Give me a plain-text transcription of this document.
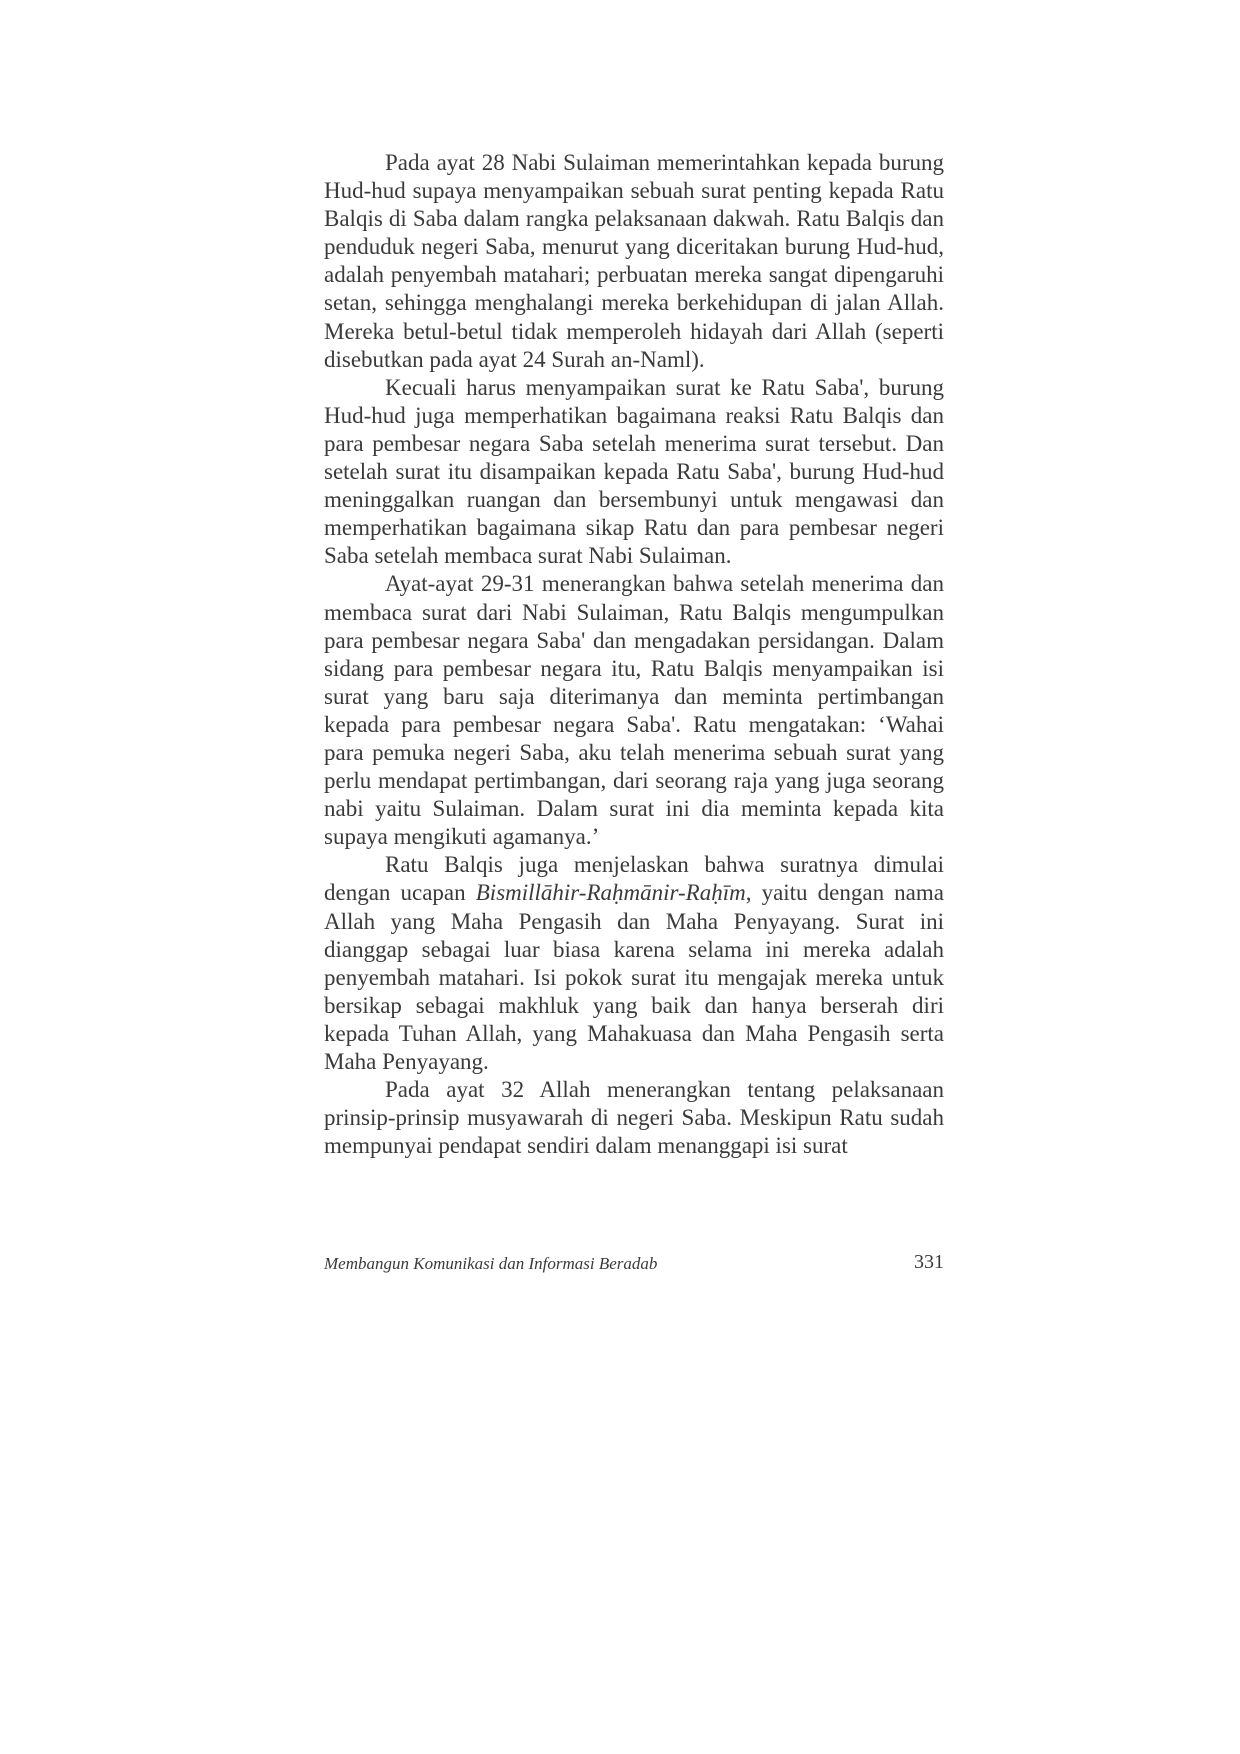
Pada ayat 28 Nabi Sulaiman memerintahkan kepada burung Hud-hud supaya menyampaikan sebuah surat penting kepada Ratu Balqis di Saba dalam rangka pelaksanaan dakwah. Ratu Balqis dan penduduk negeri Saba, menurut yang diceritakan burung Hud-hud, adalah penyembah matahari; perbuatan mereka sangat dipengaruhi setan, sehingga menghalangi mereka berkehidupan di jalan Allah. Mereka betul-betul tidak memperoleh hidayah dari Allah (seperti disebutkan pada ayat 24 Surah an-Naml).

Kecuali harus menyampaikan surat ke Ratu Saba', burung Hud-hud juga memperhatikan bagaimana reaksi Ratu Balqis dan para pembesar negara Saba setelah menerima surat tersebut. Dan setelah surat itu disampaikan kepada Ratu Saba', burung Hud-hud meninggalkan ruangan dan bersembunyi untuk mengawasi dan memperhatikan bagaimana sikap Ratu dan para pembesar negeri Saba setelah membaca surat Nabi Sulaiman.

Ayat-ayat 29-31 menerangkan bahwa setelah menerima dan membaca surat dari Nabi Sulaiman, Ratu Balqis mengumpulkan para pembesar negara Saba' dan mengadakan persidangan. Dalam sidang para pembesar negara itu, Ratu Balqis menyampaikan isi surat yang baru saja diterimanya dan meminta pertimbangan kepada para pembesar negara Saba'. Ratu mengatakan: ‘Wahai para pemuka negeri Saba, aku telah menerima sebuah surat yang perlu mendapat pertimbangan, dari seorang raja yang juga seorang nabi yaitu Sulaiman. Dalam surat ini dia meminta kepada kita supaya mengikuti agamanya.’

Ratu Balqis juga menjelaskan bahwa suratnya dimulai dengan ucapan Bismillāhir-Raḥmānir-Raḥīm, yaitu dengan nama Allah yang Maha Pengasih dan Maha Penyayang. Surat ini dianggap sebagai luar biasa karena selama ini mereka adalah penyembah matahari. Isi pokok surat itu mengajak mereka untuk bersikap sebagai makhluk yang baik dan hanya berserah diri kepada Tuhan Allah, yang Mahakuasa dan Maha Pengasih serta Maha Penyayang.

Pada ayat 32 Allah menerangkan tentang pelaksanaan prinsip-prinsip musyawarah di negeri Saba. Meskipun Ratu sudah mempunyai pendapat sendiri dalam menanggapi isi surat

Membangun Komunikasi dan Informasi Beradab	331
